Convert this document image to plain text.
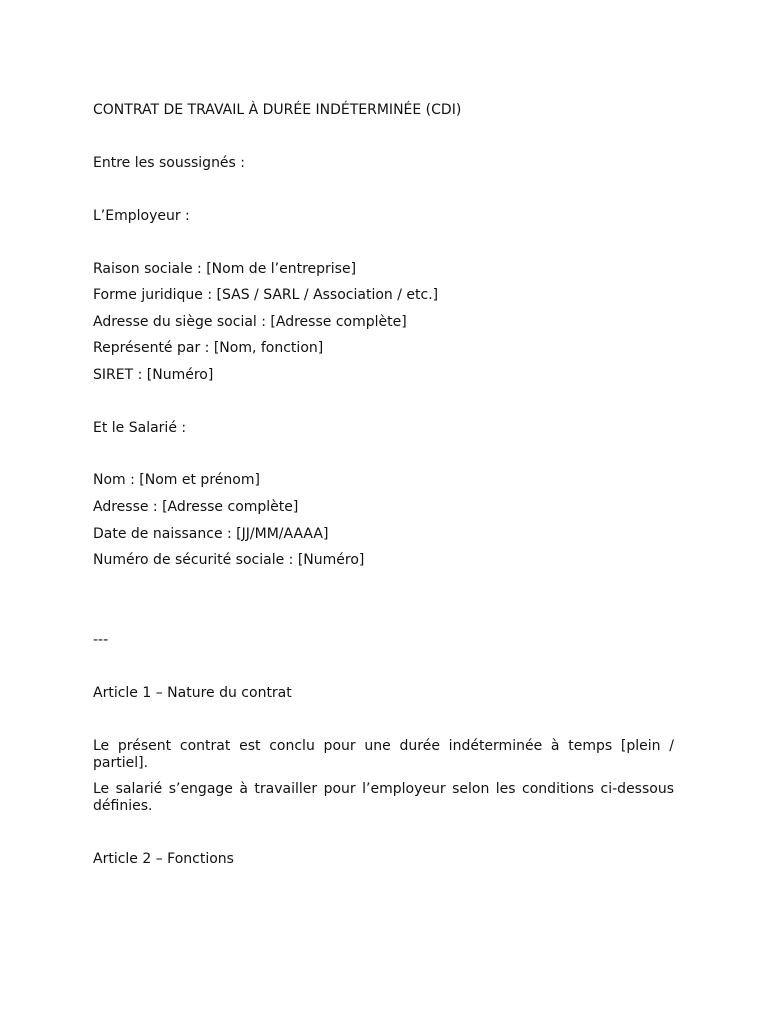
CONTRAT DE TRAVAIL À DURÉE INDÉTERMINÉE (CDI)
Entre les soussignés :
L’Employeur :
Raison sociale : [Nom de l’entreprise]
Forme juridique : [SAS / SARL / Association / etc.]
Adresse du siège social : [Adresse complète]
Représenté par : [Nom, fonction]
SIRET : [Numéro]
Et le Salarié :
Nom : [Nom et prénom]
Adresse : [Adresse complète]
Date de naissance : [JJ/MM/AAAA]
Numéro de sécurité sociale : [Numéro]
---
Article 1 – Nature du contrat
Le présent contrat est conclu pour une durée indéterminée à temps [plein / partiel].
Le salarié s’engage à travailler pour l’employeur selon les conditions ci-dessous définies.
Article 2 – Fonctions
